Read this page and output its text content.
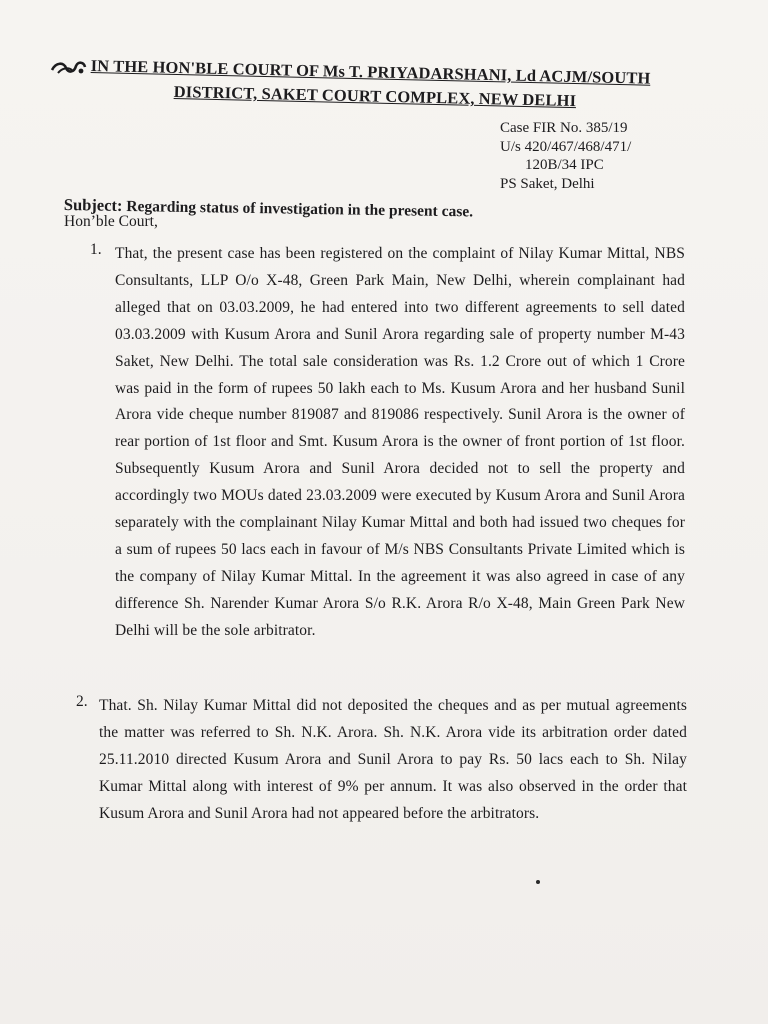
IN THE HON'BLE COURT OF Ms T. PRIYADARSHANI, Ld ACJM/SOUTH
DISTRICT, SAKET COURT COMPLEX, NEW DELHI
Case FIR No. 385/19
U/s 420/467/468/471/
120B/34 IPC
PS Saket, Delhi
Subject: Regarding status of investigation in the present case.
Hon’ble Court,
1. That, the present case has been registered on the complaint of Nilay Kumar Mittal, NBS Consultants, LLP O/o X-48, Green Park Main, New Delhi, wherein complainant had alleged that on 03.03.2009, he had entered into two different agreements to sell dated 03.03.2009 with Kusum Arora and Sunil Arora regarding sale of property number M-43 Saket, New Delhi. The total sale consideration was Rs. 1.2 Crore out of which 1 Crore was paid in the form of rupees 50 lakh each to Ms. Kusum Arora and her husband Sunil Arora vide cheque number 819087 and 819086 respectively. Sunil Arora is the owner of rear portion of 1st floor and Smt. Kusum Arora is the owner of front portion of 1st floor. Subsequently Kusum Arora and Sunil Arora decided not to sell the property and accordingly two MOUs dated 23.03.2009 were executed by Kusum Arora and Sunil Arora separately with the complainant Nilay Kumar Mittal and both had issued two cheques for a sum of rupees 50 lacs each in favour of M/s NBS Consultants Private Limited which is the company of Nilay Kumar Mittal. In the agreement it was also agreed in case of any difference Sh. Narender Kumar Arora S/o R.K. Arora R/o X-48, Main Green Park New Delhi will be the sole arbitrator.
2. That. Sh. Nilay Kumar Mittal did not deposited the cheques and as per mutual agreements the matter was referred to Sh. N.K. Arora. Sh. N.K. Arora vide its arbitration order dated 25.11.2010 directed Kusum Arora and Sunil Arora to pay Rs. 50 lacs each to Sh. Nilay Kumar Mittal along with interest of 9% per annum. It was also observed in the order that Kusum Arora and Sunil Arora had not appeared before the arbitrators.
